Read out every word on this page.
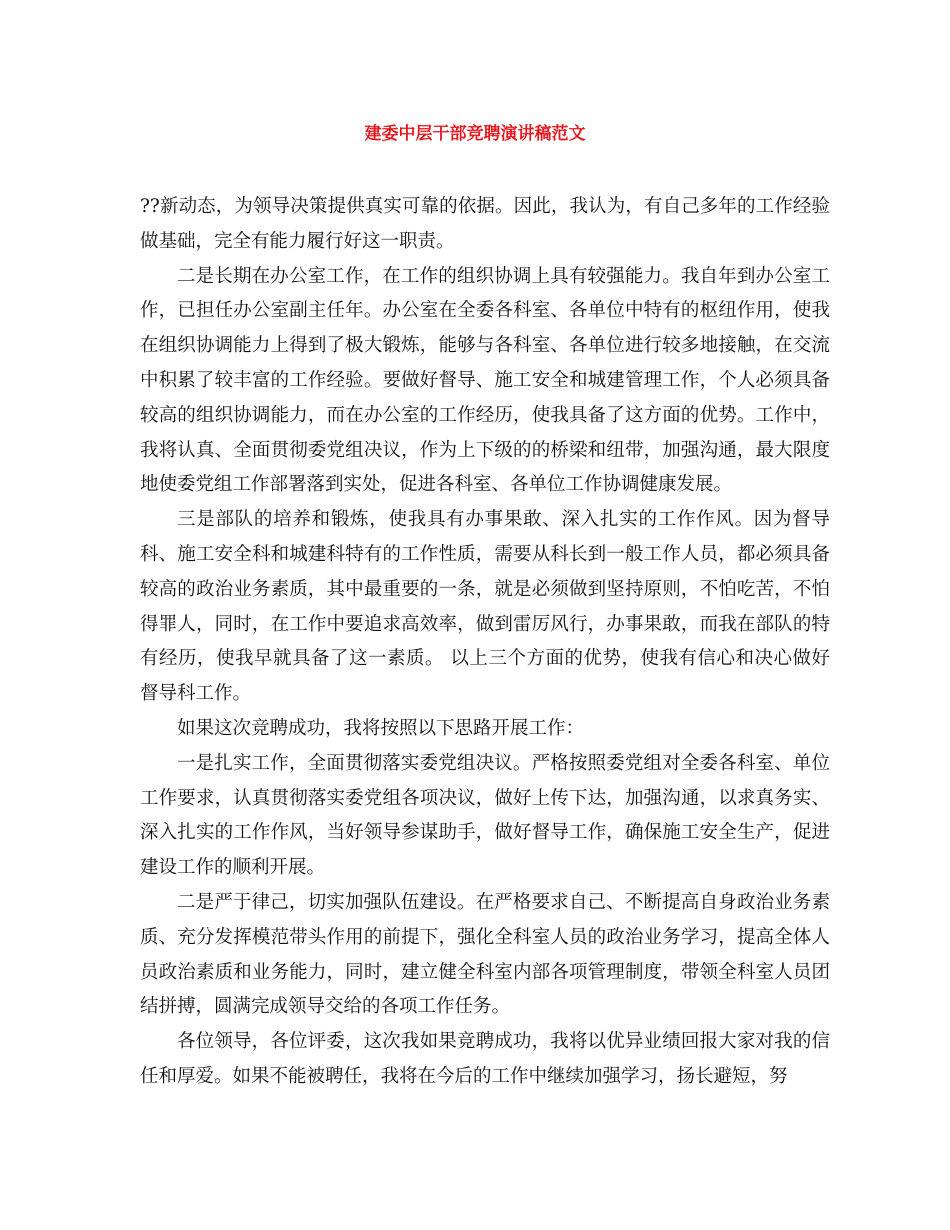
建委中层干部竞聘演讲稿范文

??新动态，为领导决策提供真实可靠的依据。因此，我认为，有自己多年的工作经验做基础，完全有能力履行好这一职责。

二是长期在办公室工作，在工作的组织协调上具有较强能力。我自年到办公室工作，已担任办公室副主任年。办公室在全委各科室、各单位中特有的枢纽作用，使我在组织协调能力上得到了极大锻炼，能够与各科室、各单位进行较多地接触，在交流中积累了较丰富的工作经验。要做好督导、施工安全和城建管理工作，个人必须具备较高的组织协调能力，而在办公室的工作经历，使我具备了这方面的优势。工作中，我将认真、全面贯彻委党组决议，作为上下级的的桥梁和纽带，加强沟通，最大限度地使委党组工作部署落到实处，促进各科室、各单位工作协调健康发展。

三是部队的培养和锻炼，使我具有办事果敢、深入扎实的工作作风。因为督导科、施工安全科和城建科特有的工作性质，需要从科长到一般工作人员，都必须具备较高的政治业务素质，其中最重要的一条，就是必须做到坚持原则，不怕吃苦，不怕得罪人，同时，在工作中要追求高效率，做到雷厉风行，办事果敢，而我在部队的特有经历，使我早就具备了这一素质。 以上三个方面的优势，使我有信心和决心做好督导科工作。

如果这次竞聘成功，我将按照以下思路开展工作：

一是扎实工作，全面贯彻落实委党组决议。严格按照委党组对全委各科室、单位工作要求，认真贯彻落实委党组各项决议，做好上传下达，加强沟通，以求真务实、深入扎实的工作作风，当好领导参谋助手，做好督导工作，确保施工安全生产，促进建设工作的顺利开展。

二是严于律己，切实加强队伍建设。在严格要求自己、不断提高自身政治业务素质、充分发挥模范带头作用的前提下，强化全科室人员的政治业务学习，提高全体人员政治素质和业务能力，同时，建立健全科室内部各项管理制度，带领全科室人员团结拼搏，圆满完成领导交给的各项工作任务。

各位领导，各位评委，这次我如果竞聘成功，我将以优异业绩回报大家对我的信任和厚爱。如果不能被聘任，我将在今后的工作中继续加强学习，扬长避短，努
